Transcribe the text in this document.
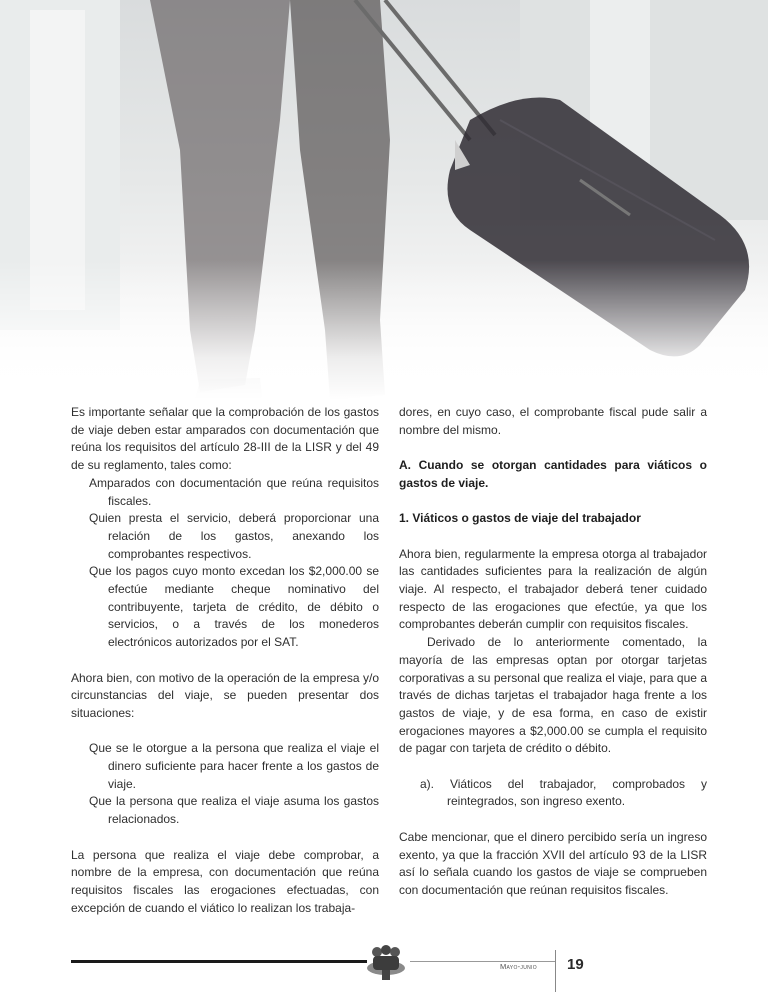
Es importante señalar que la comprobación de los gastos de viaje deben estar amparados con documentación que reúna los requisitos del artículo 28-III de la LISR y del 49 de su reglamento, tales como:

Amparados con documentación que reúna requisitos fiscales.
Quien presta el servicio, deberá proporcionar una relación de los gastos, anexando los comprobantes respectivos.
Que los pagos cuyo monto excedan los $2,000.00 se efectúe mediante cheque nominativo del contribuyente, tarjeta de crédito, de débito o servicios, o a través de los monederos electrónicos autorizados por el SAT.

Ahora bien, con motivo de la operación de la empresa y/o circunstancias del viaje, se pueden presentar dos situaciones:

Que se le otorgue a la persona que realiza el viaje el dinero suficiente para hacer frente a los gastos de viaje.
Que la persona que realiza el viaje asuma los gastos relacionados.

La persona que realiza el viaje debe comprobar, a nombre de la empresa, con documentación que reúna requisitos fiscales las erogaciones efectuadas, con excepción de cuando el viático lo realizan los trabaja-

dores, en cuyo caso, el comprobante fiscal pude salir a nombre del mismo.

A. Cuando se otorgan cantidades para viáticos o gastos de viaje.

1. Viáticos o gastos de viaje del trabajador

Ahora bien, regularmente la empresa otorga al trabajador las cantidades suficientes para la realización de algún viaje. Al respecto, el trabajador deberá tener cuidado respecto de las erogaciones que efectúe, ya que los comprobantes deberán cumplir con requisitos fiscales.

Derivado de lo anteriormente comentado, la mayoría de las empresas optan por otorgar tarjetas corporativas a su personal que realiza el viaje, para que a través de dichas tarjetas el trabajador haga frente a los gastos de viaje, y de esa forma, en caso de existir erogaciones mayores a $2,000.00 se cumpla el requisito de pagar con tarjeta de crédito o débito.

a). Viáticos del trabajador, comprobados y reintegrados, son ingreso exento.

Cabe mencionar, que el dinero percibido sería un ingreso exento, ya que la fracción XVII del artículo 93 de la LISR así lo señala cuando los gastos de viaje se comprueben con documentación que reúnan requisitos fiscales.

Mayo-junio 19
